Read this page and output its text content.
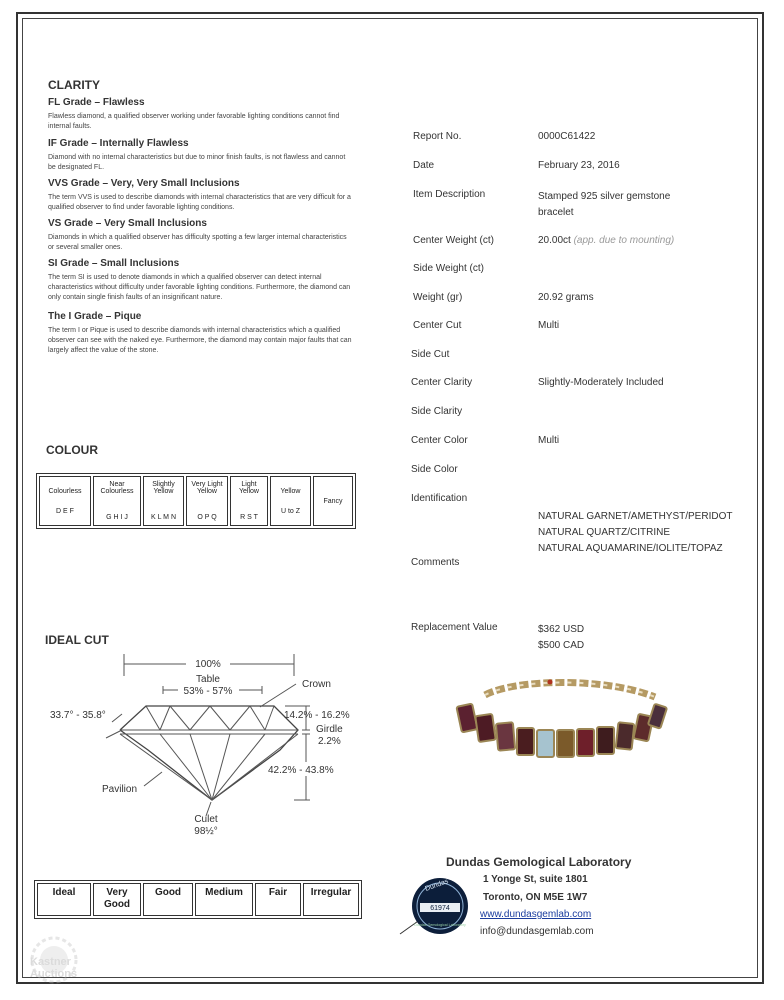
CLARITY
FL Grade – Flawless
Flawless diamond, a qualified observer working under favorable lighting conditions cannot find internal faults.
IF Grade – Internally Flawless
Diamond with no internal characteristics but due to minor finish faults, is not flawless and cannot be designated FL.
VVS Grade – Very, Very Small Inclusions
The term VVS is used to describe diamonds with internal characteristics that are very difficult for a qualified observer to find under favorable lighting conditions.
VS Grade – Very Small Inclusions
Diamonds in which a qualified observer has difficulty spotting a few larger internal characteristics or several smaller ones.
SI Grade – Small Inclusions
The term SI is used to denote diamonds in which a qualified observer can detect internal characteristics without difficulty under favorable lighting conditions. Furthermore, the diamond can only contain single finish faults of an insignificant nature.
The I Grade – Pique
The term I or Pique is used to describe diamonds with internal characteristics which a qualified observer can see with the naked eye. Furthermore, the diamond may contain major faults that can largely affect the value of the stone.
COLOUR
Colourless
D E F

Near Colourless
G H I J

Slightly Yellow
K L M N

Very Light Yellow
O P Q

Light Yellow
R S T

Yellow
U to Z
	Fancy
IDEAL CUT
100%
Table
53% - 57%
Crown
14.2% - 16.2%
33.7° - 35.8°
Girdle
2.2%
42.2% - 43.8%
Pavilion
Culet
98½°
Ideal	Very Good	Good	Medium	Fair	Irregular
Report No.	0000C61422
Date	February 23, 2016
Item Description	Stamped 925 silver gemstone bracelet
Center Weight (ct)	20.00ct (app. due to mounting)
Side Weight (ct)
Weight (gr)	20.92 grams
Center Cut	Multi
Side Cut
Center Clarity	Slightly-Moderately Included
Side Clarity
Center Color	Multi
Side Color
Identification
NATURAL GARNET/AMETHYST/PERIDOT
NATURAL QUARTZ/CITRINE
NATURAL AQUAMARINE/IOLITE/TOPAZ
Comments
Replacement Value	$362 USD
$500 CAD
Dundas Gemological Laboratory
1 Yonge St, suite 1801
Toronto, ON M5E 1W7
www.dundasgemlab.com
info@dundasgemlab.com
Dundas
61974
Dundas Gemological Laboratory
Kastner Auctions
